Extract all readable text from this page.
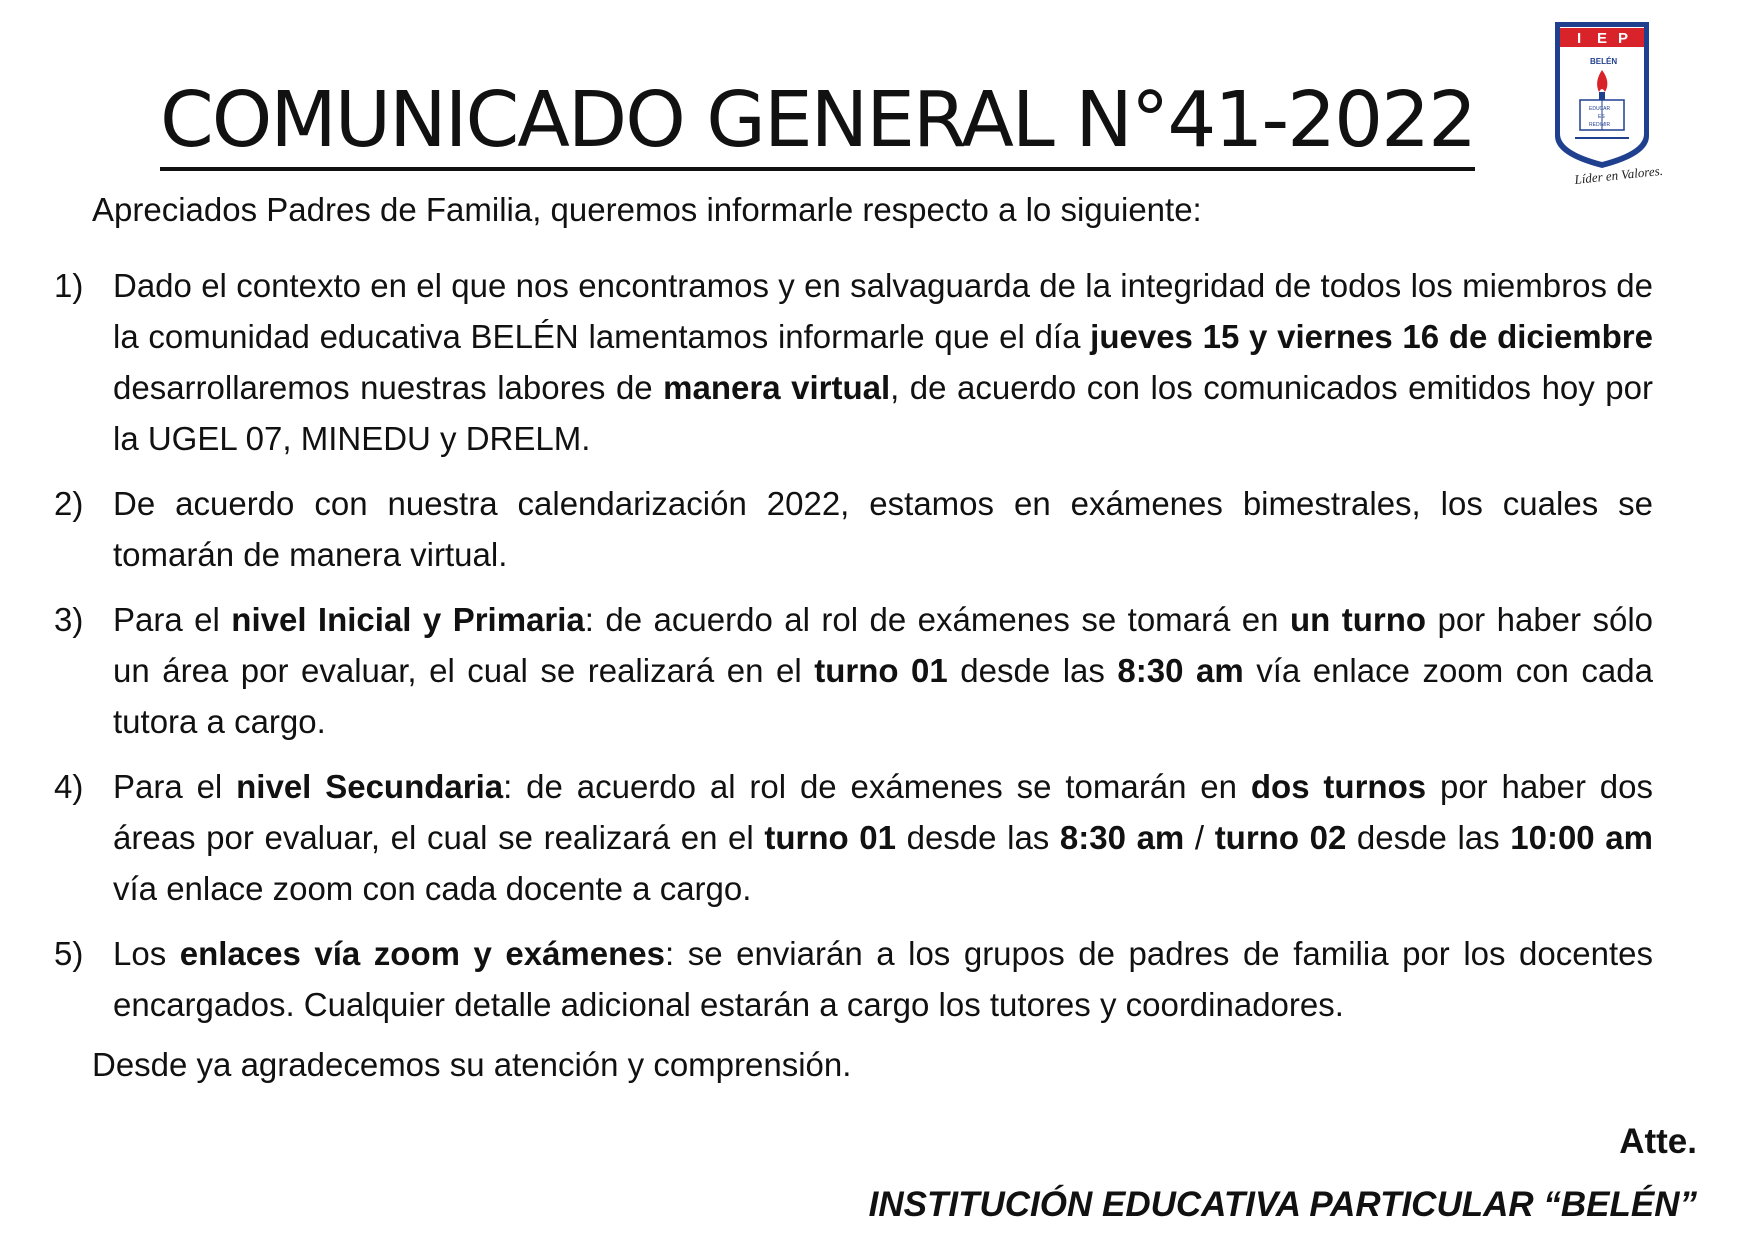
COMUNICADO GENERAL N°41-2022
I E P
BELÉN
EDUCAR
ES
REDIMIR
Líder en Valores.
Apreciados Padres de Familia, queremos informarle respecto a lo siguiente:
1) Dado el contexto en el que nos encontramos y en salvaguarda de la integridad de todos los miembros de la comunidad educativa BELÉN lamentamos informarle que el día jueves 15 y viernes 16 de diciembre desarrollaremos nuestras labores de manera virtual, de acuerdo con los comunicados emitidos hoy por la UGEL 07, MINEDU y DRELM.
2) De acuerdo con nuestra calendarización 2022, estamos en exámenes bimestrales, los cuales se tomarán de manera virtual.
3) Para el nivel Inicial y Primaria: de acuerdo al rol de exámenes se tomará en un turno por haber sólo un área por evaluar, el cual se realizará en el turno 01 desde las 8:30 am vía enlace zoom con cada tutora a cargo.
4) Para el nivel Secundaria: de acuerdo al rol de exámenes se tomarán en dos turnos por haber dos áreas por evaluar, el cual se realizará en el turno 01 desde las 8:30 am / turno 02 desde las 10:00 am vía enlace zoom con cada docente a cargo.
5) Los enlaces vía zoom y exámenes: se enviarán a los grupos de padres de familia por los docentes encargados. Cualquier detalle adicional estarán a cargo los tutores y coordinadores.
Desde ya agradecemos su atención y comprensión.
Atte.
INSTITUCIÓN EDUCATIVA PARTICULAR “BELÉN”
